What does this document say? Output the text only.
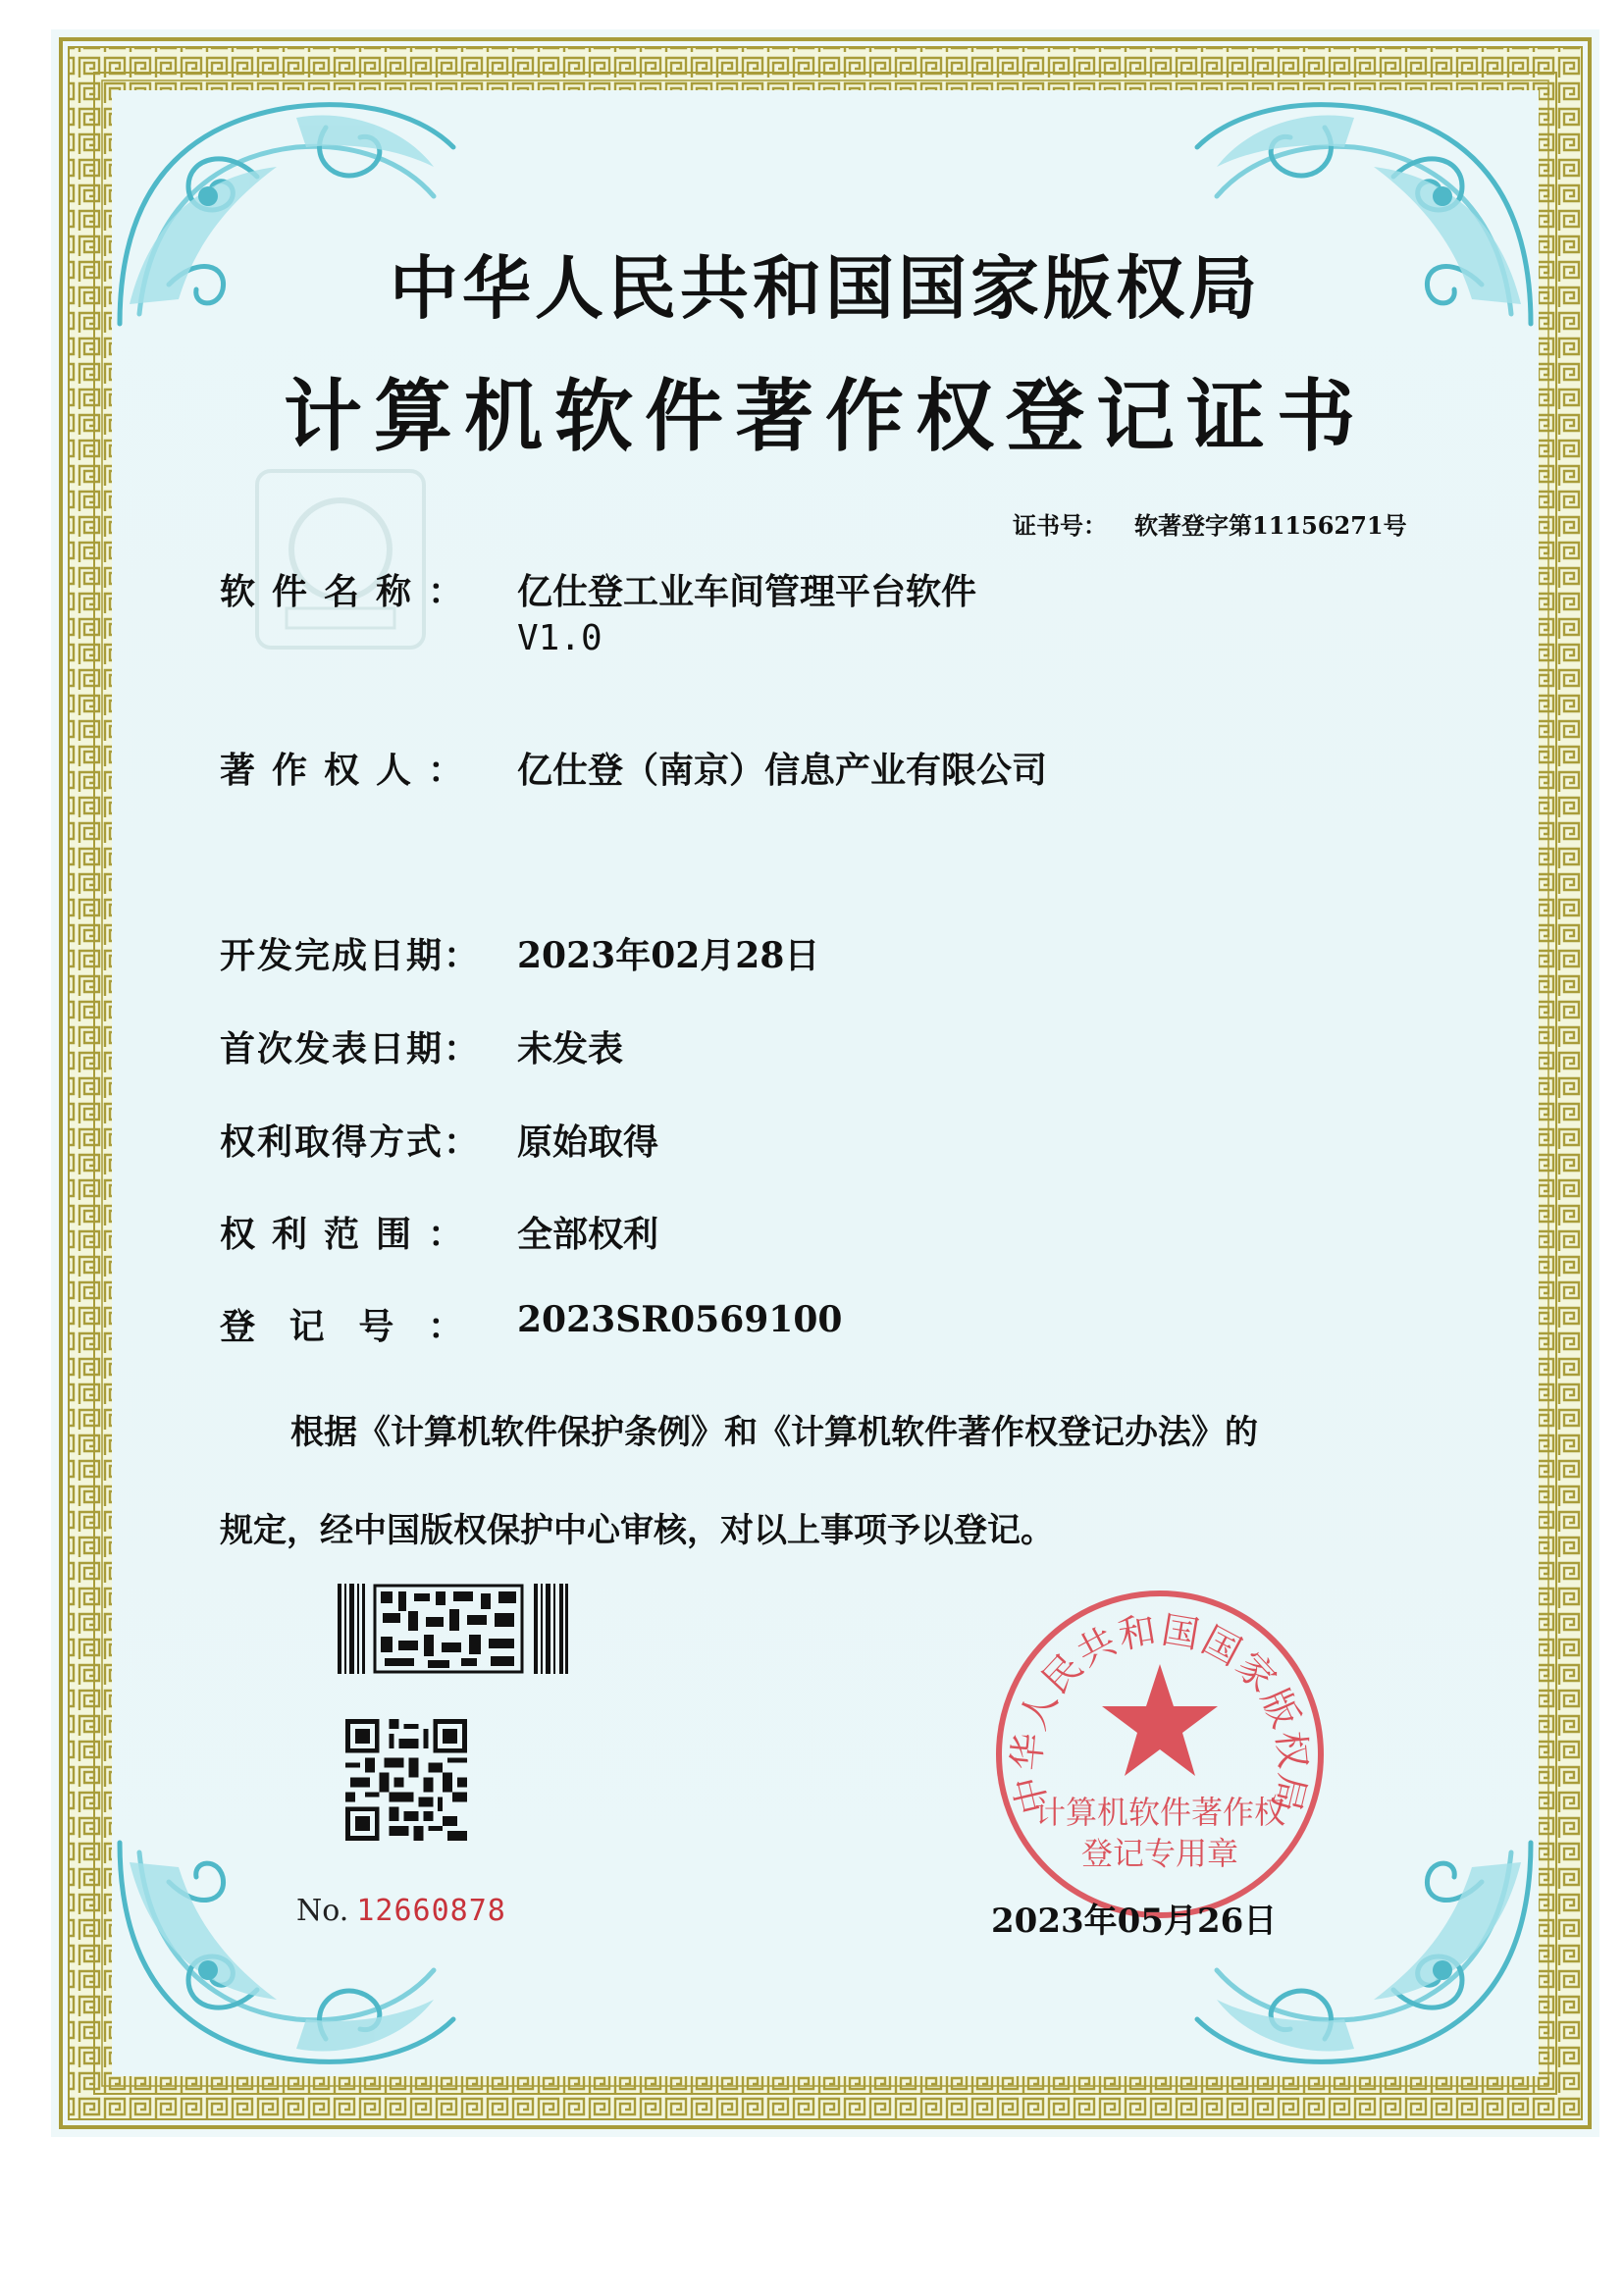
中华人民共和国国家版权局
计算机软件著作权登记证书
证书号： 软著登字第11156271号
软件名称： 亿仕登工业车间管理平台软件
V1.0
著作权人： 亿仕登（南京）信息产业有限公司
开发完成日期： 2023年02月28日
首次发表日期： 未发表
权利取得方式： 原始取得
权利范围： 全部权利
登记号： 2023SR0569100
根据《计算机软件保护条例》和《计算机软件著作权登记办法》的
规定，经中国版权保护中心审核，对以上事项予以登记。
No. 12660878
中华人民共和国国家版权局
计算机软件著作权
登记专用章
2023年05月26日
